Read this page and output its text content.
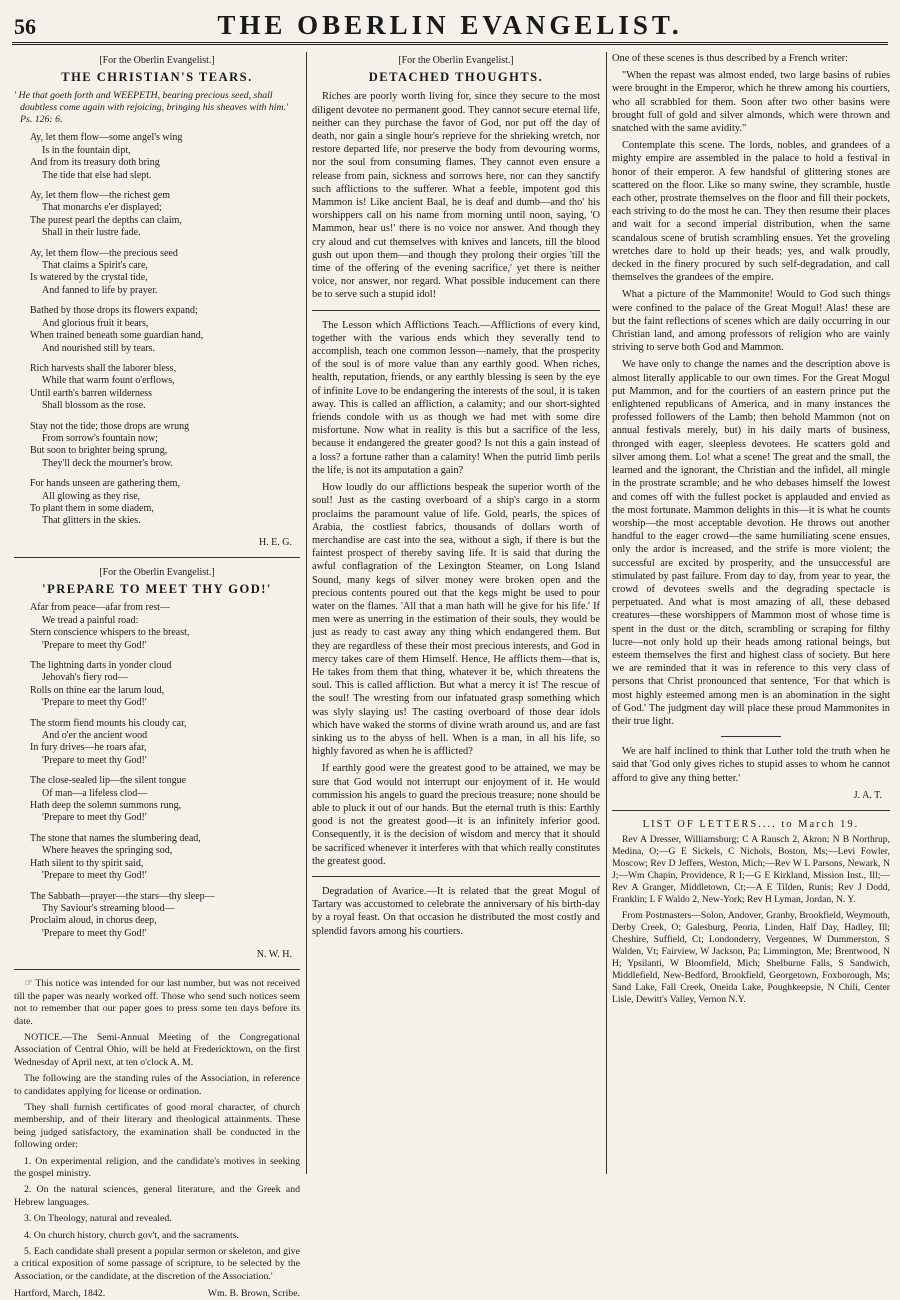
56	THE OBERLIN EVANGELIST.
[For the Oberlin Evangelist.]
THE CHRISTIAN'S TEARS.
' He that goeth forth and WEEPETH, bearing precious seed, shall doubtless come again with rejoicing, bringing his sheaves with him.' Ps. 126: 6.
Ay, let them flow—some angel's wing
Is in the fountain dipt,
And from its treasury doth bring
The tide that else had slept.
Ay, let them flow—the richest gem
That monarchs e'er displayed;
The purest pearl the depths can claim,
Shall in their lustre fade.
Ay, let them flow—the precious seed
That claims a Spirit's care,
Is watered by the crystal tide,
And fanned to life by prayer.
Bathed by those drops its flowers expand;
And glorious fruit it bears,
When trained beneath some guardian hand,
And nourished still by tears.
Rich harvests shall the laborer bless,
While that warm fount o'erflows,
Until earth's barren wilderness
Shall blossom as the rose.
Stay not the tide; those drops are wrung
From sorrow's fountain now;
But soon to brighter being sprung,
They'll deck the mourner's brow.
For hands unseen are gathering them,
All glowing as they rise,
To plant them in some diadem,
That glitters in the skies.
H. E. G.
[For the Oberlin Evangelist.]
'PREPARE TO MEET THY GOD!'
Afar from peace—afar from rest—
We tread a painful road:
Stern conscience whispers to the breast,
'Prepare to meet thy God!'
The lightning darts in yonder cloud
Jehovah's fiery rod—
Rolls on thine ear the larum loud,
'Prepare to meet thy God!'
The storm fiend mounts his cloudy car,
And o'er the ancient wood
In fury drives—he roars afar,
'Prepare to meet thy God!'
The close-sealed lip—the silent tongue
Of man—a lifeless clod—
Hath deep the solemn summons rung,
'Prepare to meet thy God!'
The stone that names the slumbering dead,
Where heaves the springing sod,
Hath silent to thy spirit said,
'Prepare to meet thy God!'
The Sabbath—prayer—the stars—thy sleep—
Thy Saviour's streaming blood—
Proclaim aloud, in chorus deep,
'Prepare to meet thy God!'
N. W. H.

☞ This notice was intended for our last number, but was not received till the paper was nearly worked off. Those who send such notices seem not to remember that our paper goes to press some ten days before its date.

NOTICE.—The Semi-Annual Meeting of the Congregational Association of Central Ohio, will be held at Fredericktown, on the first Wednesday of April next, at ten o'clock A. M.

The following are the standing rules of the Association, in reference to candidates applying for license or ordination.

'They shall furnish certificates of good moral character, of church membership, and of their literary and theological attainments. These being judged satisfactory, the examination shall be conducted in the following order:

1. On experimental religion, and the candidate's motives in seeking the gospel ministry.

2. On the natural sciences, general literature, and the Greek and Hebrew languages.

3. On Theology, natural and revealed.

4. On church history, church gov't, and the sacraments.

5. Each candidate shall present a popular sermon or skeleton, and give a critical exposition of some passage of scripture, to be selected by the Association, or the candidate, at the discretion of the Association.'

Hartford, March, 1842.	Wm. B. Brown, Scribe.
[For the Oberlin Evangelist.]
DETACHED THOUGHTS.

Riches are poorly worth living for, since they secure to the most diligent devotee no permanent good. They cannot secure eternal life, neither can they purchase the favor of God, nor put off the day of death, nor gain a single hour's reprieve for the shrieking wretch, nor restore departed life, nor preserve the body from devouring worms, nor the soul from consuming flames. They cannot even ensure a release from pain, sickness and sorrows here, nor can they sanctify such afflictions to the sufferer. What a feeble, impotent god this Mammon is! Like ancient Baal, he is deaf and dumb—and tho' his worshippers call on his name from morning until noon, saying, 'O Mammon, hear us!' there is no voice nor answer. And though they cry aloud and cut themselves with knives and lancets, till the blood gush out upon them—and though they prolong their orgies 'till the time of the offering of the evening sacrifice,' yet there is neither voice, nor answer, nor regard. What possible inducement can there be to serve such a stupid idol!

The Lesson which Afflictions Teach.—Afflictions of every kind, together with the various ends which they severally tend to accomplish, teach one common lesson—namely, that the prosperity of the soul is of more value than any earthly good. When riches, health, reputation, friends, or any earthly blessing is seen by the eye of infinite Love to be endangering the interests of the soul, it is taken away. This is called an affliction, a calamity; and our short-sighted friends condole with us as though we had met with some dire misfortune. Now what in reality is this but a sacrifice of the less, because it endangered the greater good? Is not this a gain instead of a loss? a fortune rather than a calamity! When the putrid limb perils the life, is not its amputation a gain?

How loudly do our afflictions bespeak the superior worth of the soul! Just as the casting overboard of a ship's cargo in a storm proclaims the paramount value of life. Gold, pearls, the spices of Arabia, the costliest fabrics, thousands of dollars worth of merchandise are cast into the sea, without a sigh, if there is but the faintest prospect of thereby saving life. It is said that during the awful conflagration of the Lexington Steamer, on Long Island Sound, many kegs of silver money were broken open and the precious contents poured out that the kegs might be used to pour water on the flames. 'All that a man hath will he give for his life.' If men were as unerring in the estimation of their souls, they would be just as ready to cast away any thing which endangered them. But they are regardless of these their most precious interests, and God in mercy takes care of them Himself. Hence, He afflicts them—that is, He takes from them that thing, whatever it be, which threatens the soul. This is called affliction. But what a mercy it is! The rescue of the soul! The wresting from our infatuated grasp something which was slyly slaying us! The casting overboard of those dear idols which have waked the storms of divine wrath around us, and are fast sinking us to the abyss of hell. When is a man, in all his life, so highly favored as when he is afflicted?

If earthly good were the greatest good to be attained, we may be sure that God would not interrupt our enjoyment of it. He would commission his angels to guard the precious treasure; none should be able to pluck it out of our hands. But the eternal truth is this: Earthly good is not the greatest good—it is an infinitely inferior good. Consequently, it is the decision of wisdom and mercy that it should be sacrificed whenever it interferes with that which really constitutes the greatest good.

Degradation of Avarice.—It is related that the great Mogul of Tartary was accustomed to celebrate the anniversary of his birth-day by a royal feast. On that occasion he distributed the most costly and splendid favors among his courtiers.

One of these scenes is thus described by a French writer:

"When the repast was almost ended, two large basins of rubies were brought in the Emperor, which he threw among his courtiers, who all scrabbled for them. Soon after two other basins were brought full of gold and silver almonds, which were thrown and snatched with the same avidity."

Contemplate this scene. The lords, nobles, and grandees of a mighty empire are assembled in the palace to hold a festival in honor of their emperor. A few handsful of glittering stones are scattered on the floor. Like so many swine, they scramble, hustle each other, prostrate themselves on the floor and fill their pockets, each striving to do the most he can. They then resume their places and wait for a second imperial distribution, when the same scandalous scene of brutish scrambling ensues. Yet the groveling wretches dare to hold up their heads; yes, and walk proudly, decked in the finery procured by such self-degradation, and call themselves the grandees of the empire.

What a picture of the Mammonite! Would to God such things were confined to the palace of the Great Mogul! Alas! these are but the faint reflections of scenes which are daily occurring in our Christian land, and among professors of religion who are vainly striving to serve both God and Mammon.

We have only to change the names and the description above is almost literally applicable to our own times. For the Great Mogul put Mammon, and for the courtiers of an eastern prince put the enlightened republicans of America, and in many instances the professed followers of the Lamb; then behold Mammon (not on annual festivals merely, but) in his daily marts of business, thronged with eager, sleepless devotees. He scatters gold and silver among them. Lo! what a scene! The great and the small, the learned and the ignorant, the Christian and the infidel, all mingle in the prostrate scramble; and he who debases himself the lowest and comes off with the fullest pocket is applauded and envied as the most fortunate. Mammon delights in this—it is what he counts worship—the most acceptable devotion. He throws out another handful to the eager crowd—the same humiliating scene ensues, only the ardor is increased, and the strife is more violent; the successful are excited by prosperity, and the unsuccessful are stimulated by past failure. From day to day, from year to year, the crowd of devotees swells and the degrading spectacle is perpetuated. And what is most amazing of all, these debased creatures—these worshippers of Mammon most of whose time is spent in the dust or the ditch, scrambling or scraping for filthy lucre—not only hold up their heads among rational beings, but esteem themselves the first and highest class of society. But here we are reminded that it was in reference to this very class of persons that Christ pronounced that sentence, 'For that which is most highly esteemed among men is an abomination in the sight of God.' The judgment day will place these proud Mammonites in their true light.

We are half inclined to think that Luther told the truth when he said that 'God only gives riches to stupid asses to whom he cannot afford to give any thing better.'

J. A. T.
LIST OF LETTERS.... to March 19.

Rev A Dresser, Williamsburg; C A Rausch 2, Akron; N B Northrup, Medina, O;—G E Sickels, C Nichols, Boston, Ms;—Levi Fowler, Moscow; Rev D Jeffers, Weston, Mich;—Rev W L Parsons, Newark, N J;—Wm Chapin, Providence, R I;—G E Kirkland, Mission Inst., Ill;—Rev A Granger, Middletown, Ct;—A E Tilden, Runis; Rev J Dodd, Franklin; L F Waldo 2, New-York; Rev H Lyman, Jordan, N. Y.

From Postmasters—Solon, Andover, Granby, Brookfield, Weymouth, Derby Creek, O; Galesburg, Peoria, Linden, Half Day, Hadley, Ill; Cheshire, Suffield, Ct; Londonderry, Vergennes, W Dummerston, S Walden, Vt; Fairview, W Jackson, Pa; Limmington, Me; Brentwood, N H; Ypsilanti, W Bloomfield, Mich; Shelburne Falls, S Sandwich, Middlefield, New-Bedford, Brookfield, Georgetown, Foxborough, Ms; Sand Lake, Fall Creek, Oneida Lake, Poughkeepsie, N Chili, Center Lisle, Dewitt's Valley, Vernon N.Y.
